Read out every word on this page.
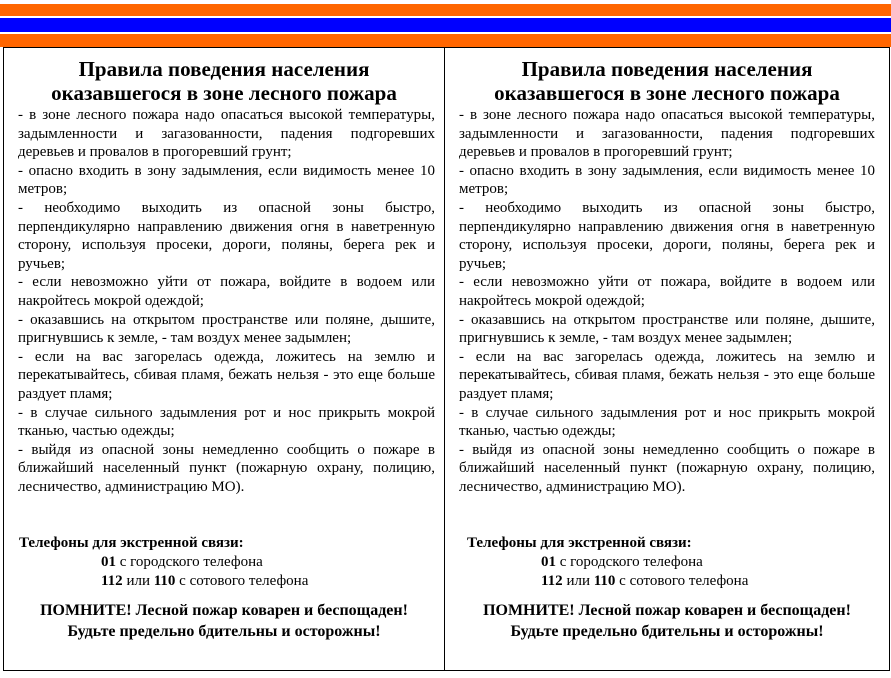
Правила поведения населения
оказавшегося в зоне лесного пожара

- в зоне лесного пожара надо опасаться высокой температуры, задымленности и загазованности, падения подгоревших деревьев и провалов в прогоревший грунт;

- опасно входить в зону задымления, если видимость менее 10 метров;

- необходимо выходить из опасной зоны быстро, перпендикулярно направлению движения огня в наветренную сторону, используя просеки, дороги, поляны, берега рек и ручьев;

- если невозможно уйти от пожара, войдите в водоем или накройтесь мокрой одеждой;

- оказавшись на открытом пространстве или поляне, дышите, пригнувшись к земле, - там воздух менее задымлен;

- если на вас загорелась одежда, ложитесь на землю и перекатывайтесь, сбивая пламя, бежать нельзя - это еще больше раздует пламя;

- в случае сильного задымления рот и нос прикрыть мокрой тканью, частью одежды;

- выйдя из опасной зоны немедленно сообщить о пожаре в ближайший населенный пункт (пожарную охрану, полицию, лесничество, администрацию МО).

Телефоны для экстренной связи:
01 с городского телефона
112 или 110 с сотового телефона
ПОМНИТЕ! Лесной пожар коварен и беспощаден!
Будьте предельно бдительны и осторожны!
Правила поведения населения
оказавшегося в зоне лесного пожара

- в зоне лесного пожара надо опасаться высокой температуры, задымленности и загазованности, падения подгоревших деревьев и провалов в прогоревший грунт;

- опасно входить в зону задымления, если видимость менее 10 метров;

- необходимо выходить из опасной зоны быстро, перпендикулярно направлению движения огня в наветренную сторону, используя просеки, дороги, поляны, берега рек и ручьев;

- если невозможно уйти от пожара, войдите в водоем или накройтесь мокрой одеждой;

- оказавшись на открытом пространстве или поляне, дышите, пригнувшись к земле, - там воздух менее задымлен;

- если на вас загорелась одежда, ложитесь на землю и перекатывайтесь, сбивая пламя, бежать нельзя - это еще больше раздует пламя;

- в случае сильного задымления рот и нос прикрыть мокрой тканью, частью одежды;

- выйдя из опасной зоны немедленно сообщить о пожаре в ближайший населенный пункт (пожарную охрану, полицию, лесничество, администрацию МО).

Телефоны для экстренной связи:
01 с городского телефона
112 или 110 с сотового телефона
ПОМНИТЕ! Лесной пожар коварен и беспощаден!
Будьте предельно бдительны и осторожны!
